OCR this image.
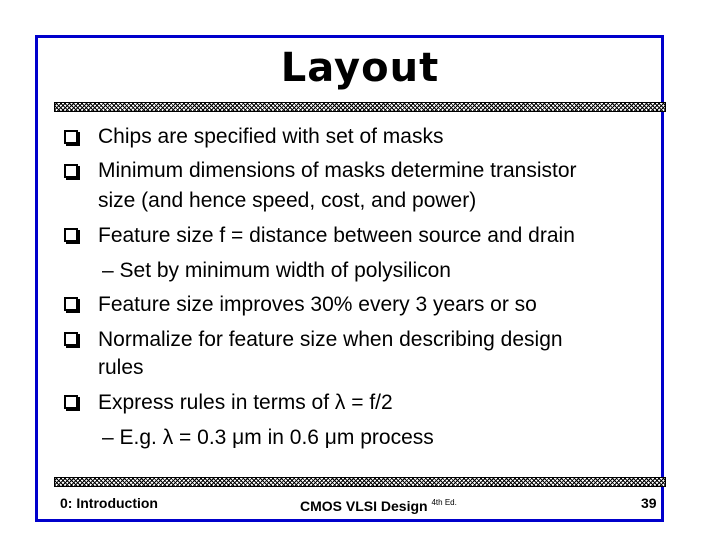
Layout
Chips are specified with set of masks
Minimum dimensions of masks determine transistor
size (and hence speed, cost, and power)
Feature size f = distance between source and drain
– Set by minimum width of polysilicon
Feature size improves 30% every 3 years or so
Normalize for feature size when describing design
rules
Express rules in terms of λ = f/2
– E.g. λ = 0.3 μm in 0.6 μm process
0: Introduction	CMOS VLSI Design $^{4th Ed.}$	39
